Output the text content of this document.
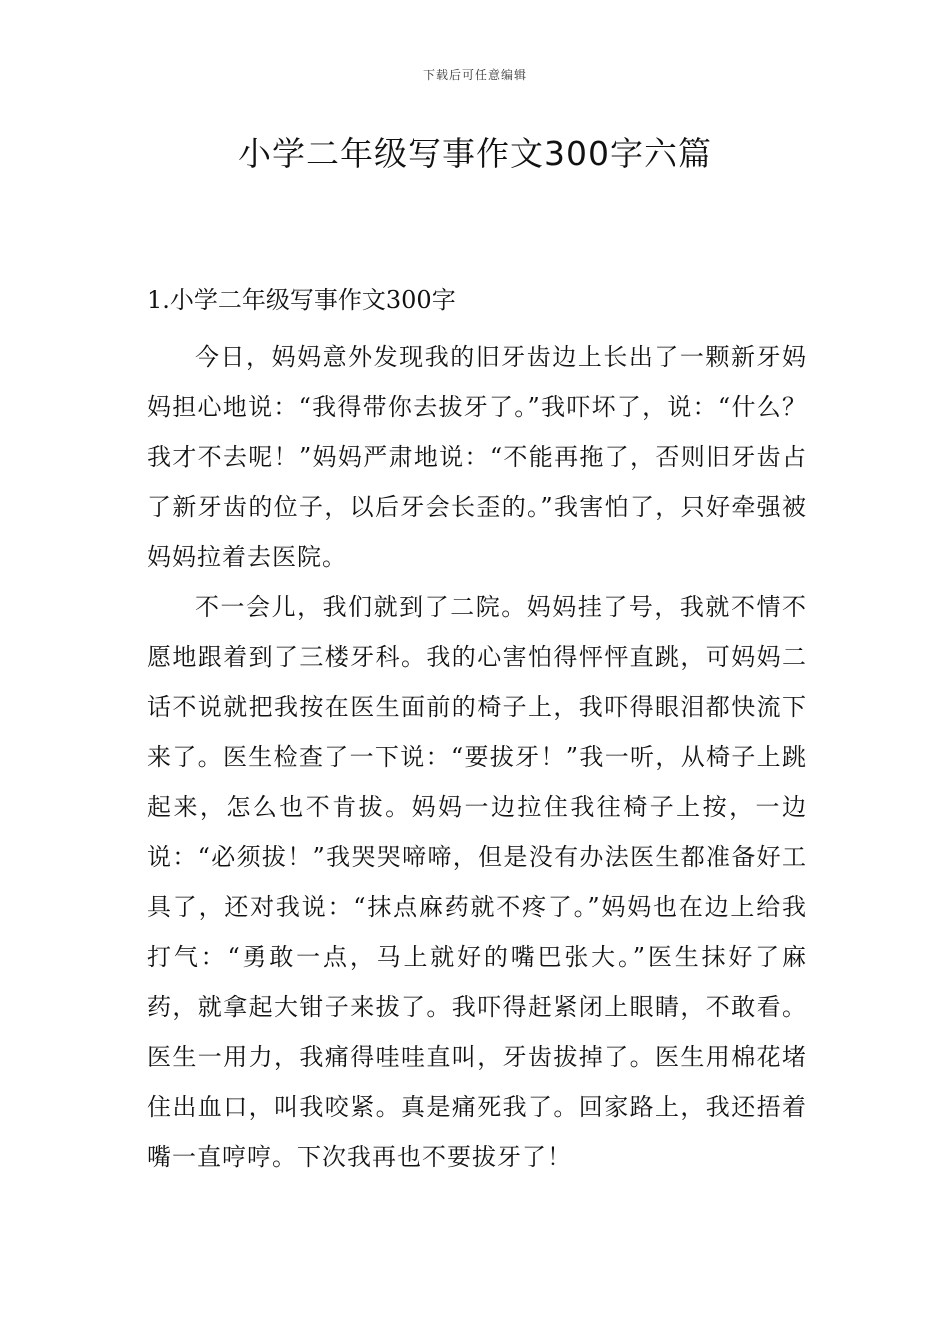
下载后可任意编辑
小学二年级写事作文300字六篇
1.小学二年级写事作文300字

今日，妈妈意外发现我的旧牙齿边上长出了一颗新牙妈妈担心地说：“我得带你去拔牙了。”我吓坏了，说：“什么？我才不去呢！”妈妈严肃地说：“不能再拖了，否则旧牙齿占了新牙齿的位子，以后牙会长歪的。”我害怕了，只好牵强被妈妈拉着去医院。

不一会儿，我们就到了二院。妈妈挂了号，我就不情不愿地跟着到了三楼牙科。我的心害怕得怦怦直跳，可妈妈二话不说就把我按在医生面前的椅子上，我吓得眼泪都快流下来了。医生检查了一下说：“要拔牙！”我一听，从椅子上跳起来，怎么也不肯拔。妈妈一边拉住我往椅子上按，一边说：“必须拔！”我哭哭啼啼，但是没有办法医生都准备好工具了，还对我说：“抹点麻药就不疼了。”妈妈也在边上给我打气：“勇敢一点，马上就好的嘴巴张大。”医生抹好了麻药，就拿起大钳子来拔了。我吓得赶紧闭上眼睛，不敢看。医生一用力，我痛得哇哇直叫，牙齿拔掉了。医生用棉花堵住出血口，叫我咬紧。真是痛死我了。回家路上，我还捂着嘴一直哼哼。下次我再也不要拔牙了！
